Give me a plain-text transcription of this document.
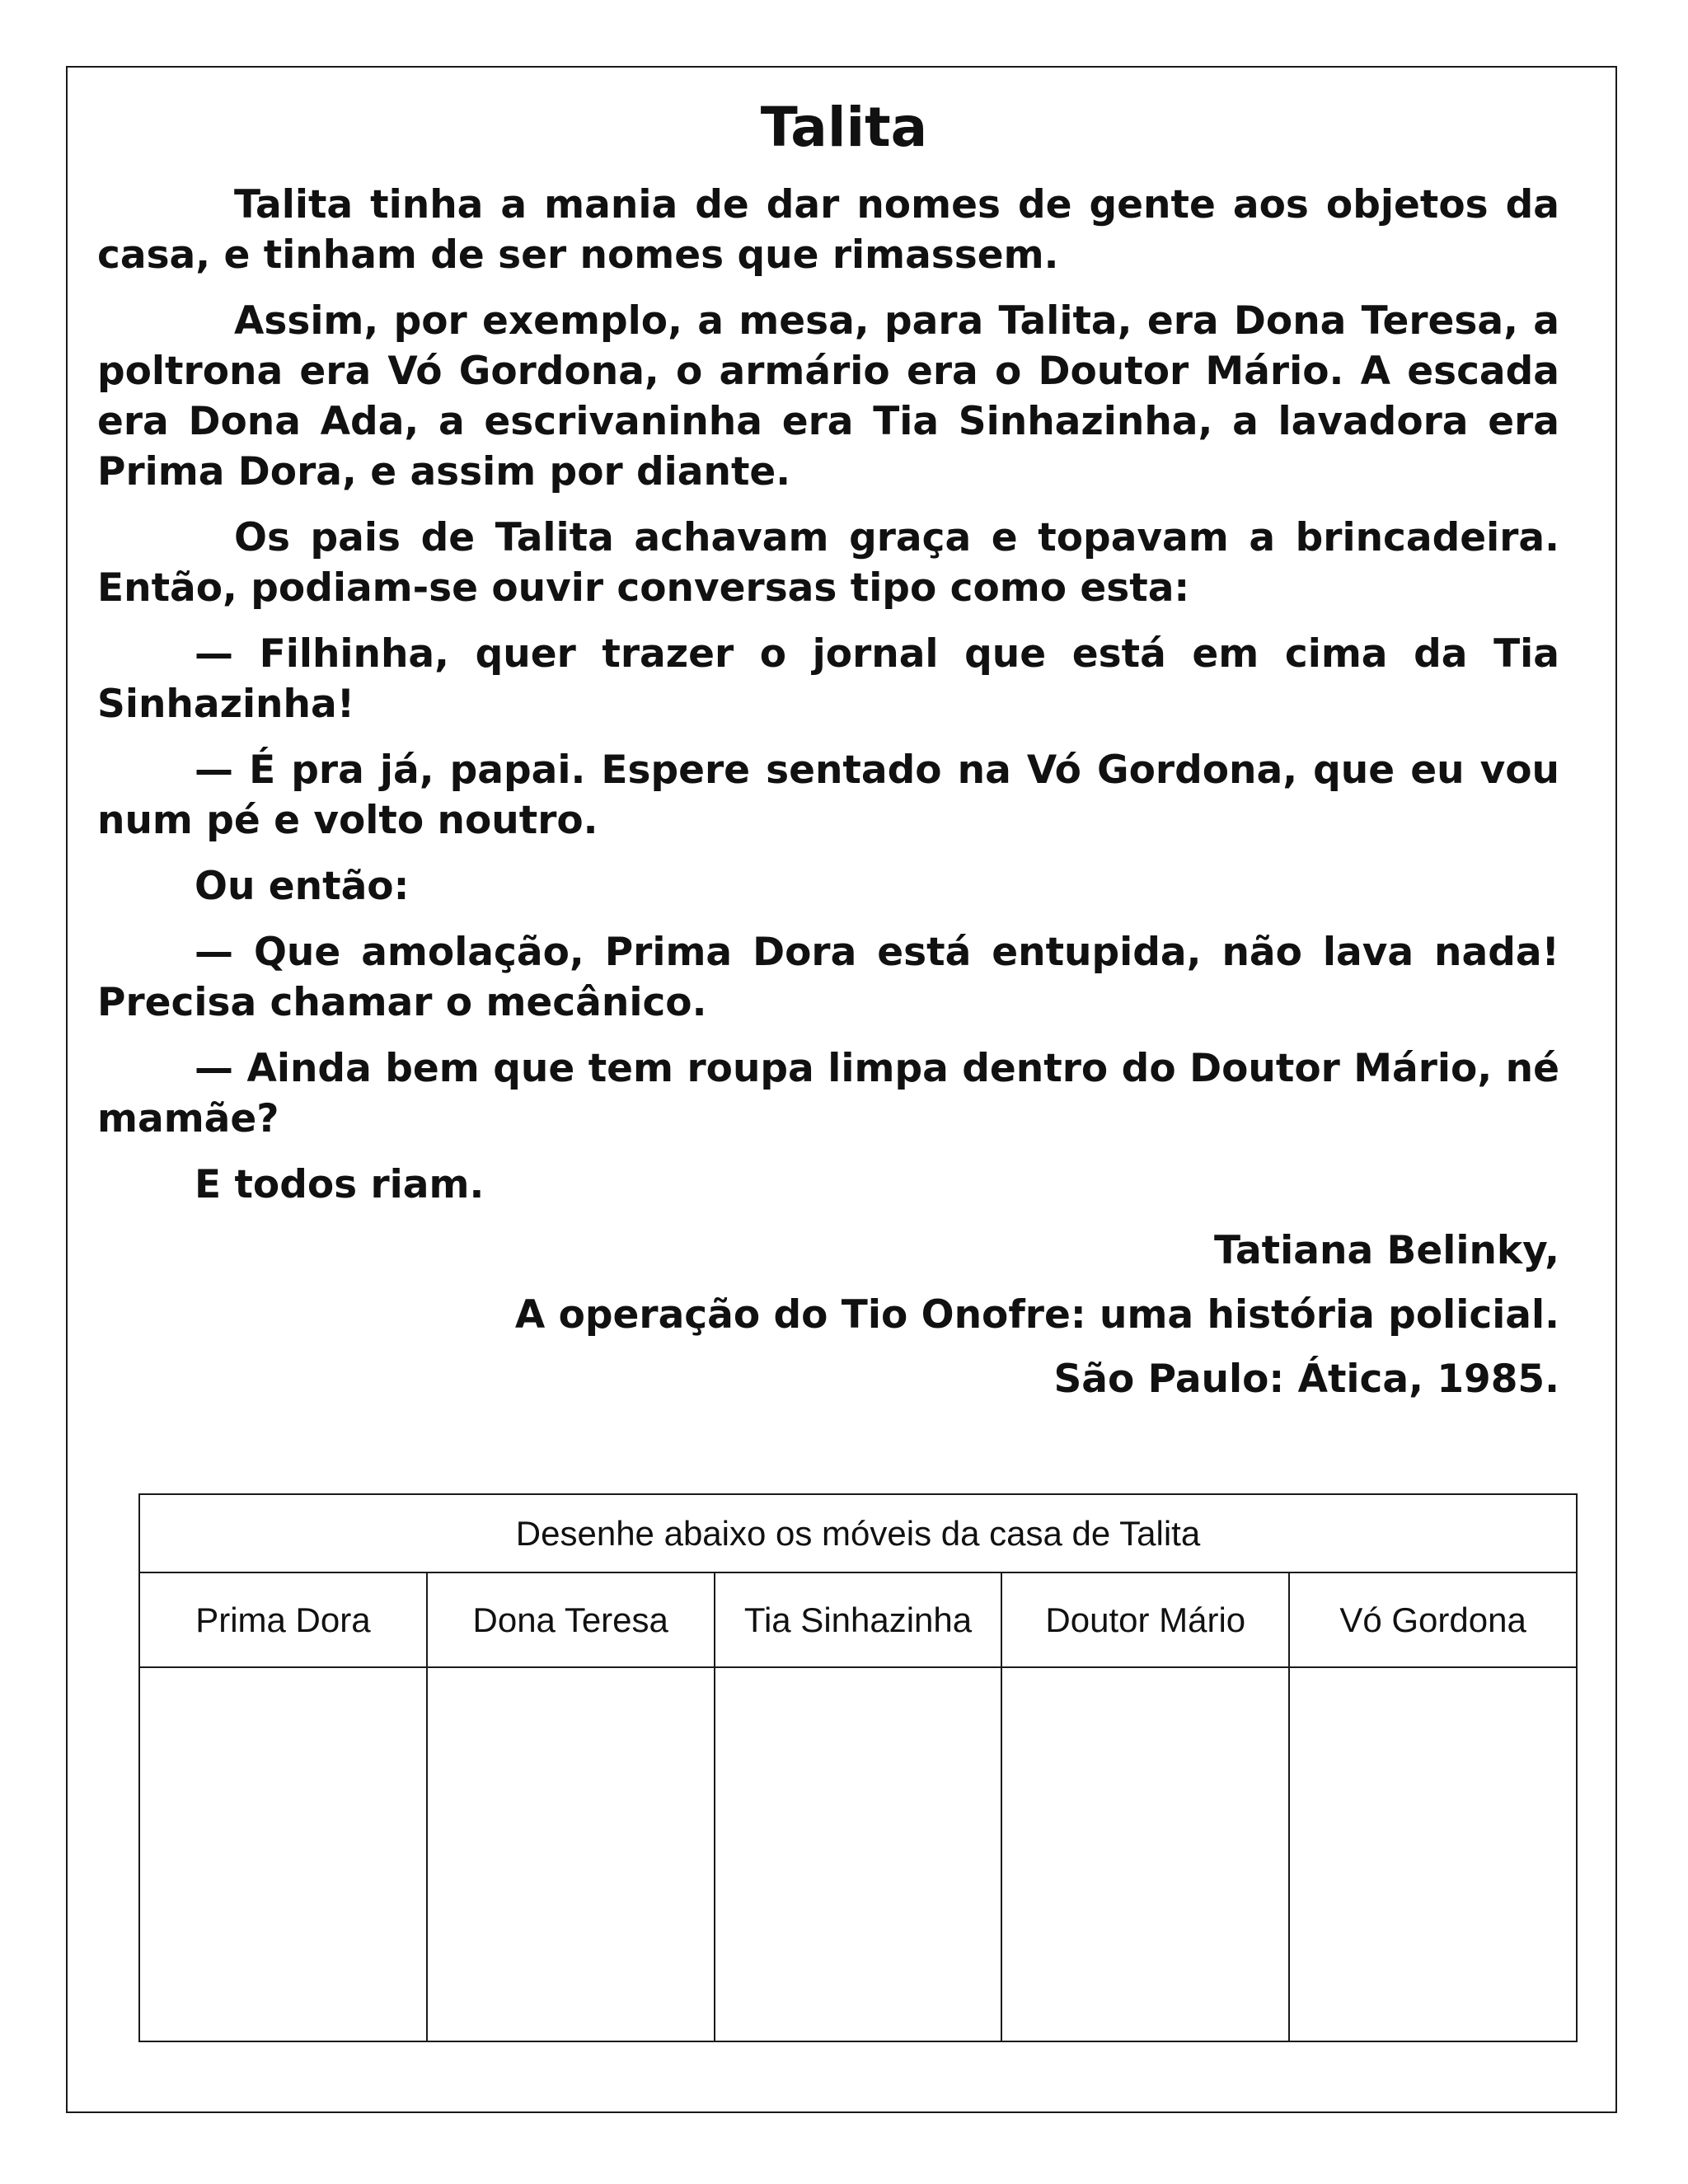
Talita

Talita tinha a mania de dar nomes de gente aos objetos da casa, e tinham de ser nomes que rimassem.

Assim, por exemplo, a mesa, para Talita, era Dona Teresa, a poltrona era Vó Gordona, o armário era o Doutor Mário. A escada era Dona Ada, a escrivaninha era Tia Sinhazinha, a lavadora era Prima Dora, e assim por diante.

Os pais de Talita achavam graça e topavam a brincadeira. Então, podiam-se ouvir conversas tipo como esta:

— Filhinha, quer trazer o jornal que está em cima da Tia Sinhazinha!

— É pra já, papai. Espere sentado na Vó Gordona, que eu vou num pé e volto noutro.

Ou então:

— Que amolação, Prima Dora está entupida, não lava nada! Precisa chamar o mecânico.

— Ainda bem que tem roupa limpa dentro do Doutor Mário, né mamãe?

E todos riam.

Tatiana Belinky,

A operação do Tio Onofre: uma história policial.

São Paulo: Ática, 1985.

Desenhe abaixo os móveis da casa de Talita				
Prima Dora	Dona Teresa	Tia Sinhazinha	Doutor Mário	Vó Gordona
